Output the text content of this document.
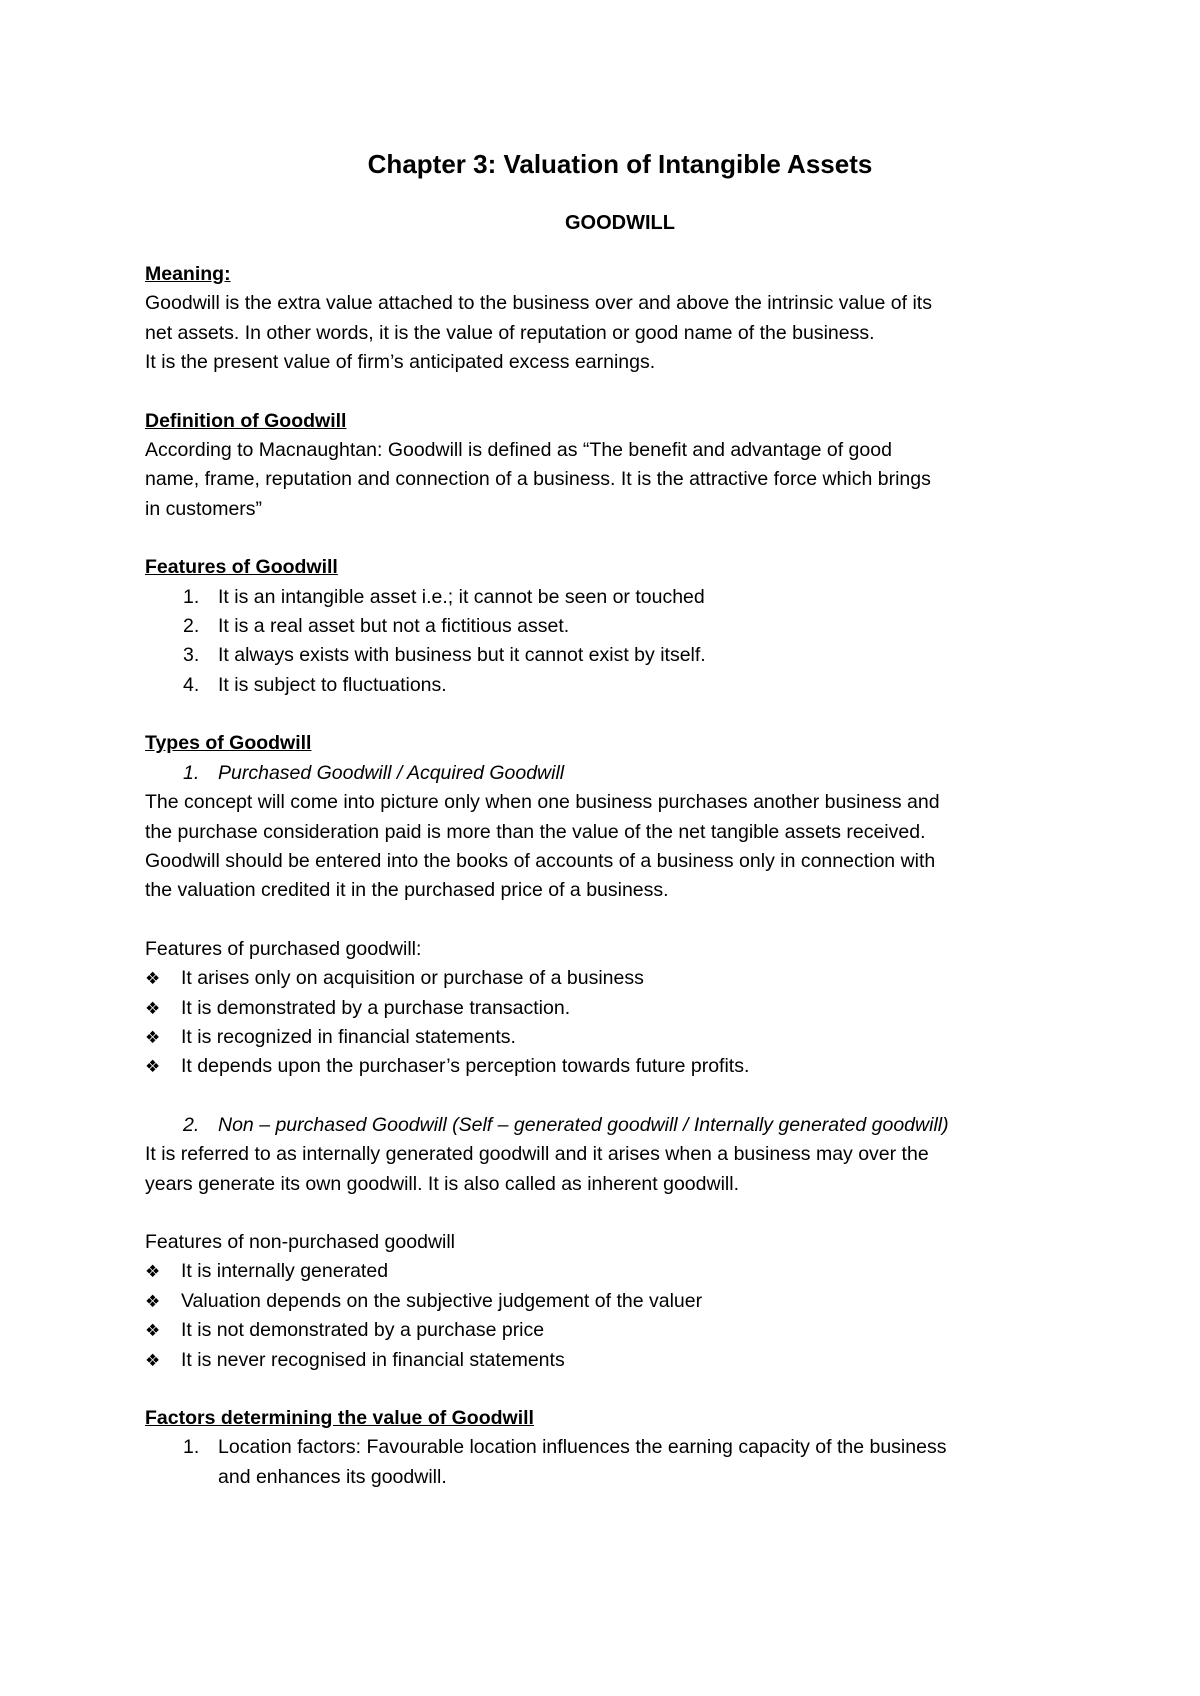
Chapter 3: Valuation of Intangible Assets
GOODWILL

Meaning:

Goodwill is the extra value attached to the business over and above the intrinsic value of its

net assets. In other words, it is the value of reputation or good name of the business.

It is the present value of firm’s anticipated excess earnings.

Definition of Goodwill

According to Macnaughtan: Goodwill is defined as “The benefit and advantage of good

name, frame, reputation and connection of a business. It is the attractive force which brings

in customers”

Features of Goodwill

1. It is an intangible asset i.e.; it cannot be seen or touched
2. It is a real asset but not a fictitious asset.
3. It always exists with business but it cannot exist by itself.
4. It is subject to fluctuations.

Types of Goodwill

1. Purchased Goodwill / Acquired Goodwill

The concept will come into picture only when one business purchases another business and

the purchase consideration paid is more than the value of the net tangible assets received.

Goodwill should be entered into the books of accounts of a business only in connection with

the valuation credited it in the purchased price of a business.

Features of purchased goodwill:

❖ It arises only on acquisition or purchase of a business
❖ It is demonstrated by a purchase transaction.
❖ It is recognized in financial statements.
❖ It depends upon the purchaser’s perception towards future profits.
2. Non – purchased Goodwill (Self – generated goodwill / Internally generated goodwill)

It is referred to as internally generated goodwill and it arises when a business may over the

years generate its own goodwill. It is also called as inherent goodwill.

Features of non-purchased goodwill

❖ It is internally generated
❖ Valuation depends on the subjective judgement of the valuer
❖ It is not demonstrated by a purchase price
❖ It is never recognised in financial statements

Factors determining the value of Goodwill

1. Location factors: Favourable location influences the earning capacity of the business
and enhances its goodwill.
